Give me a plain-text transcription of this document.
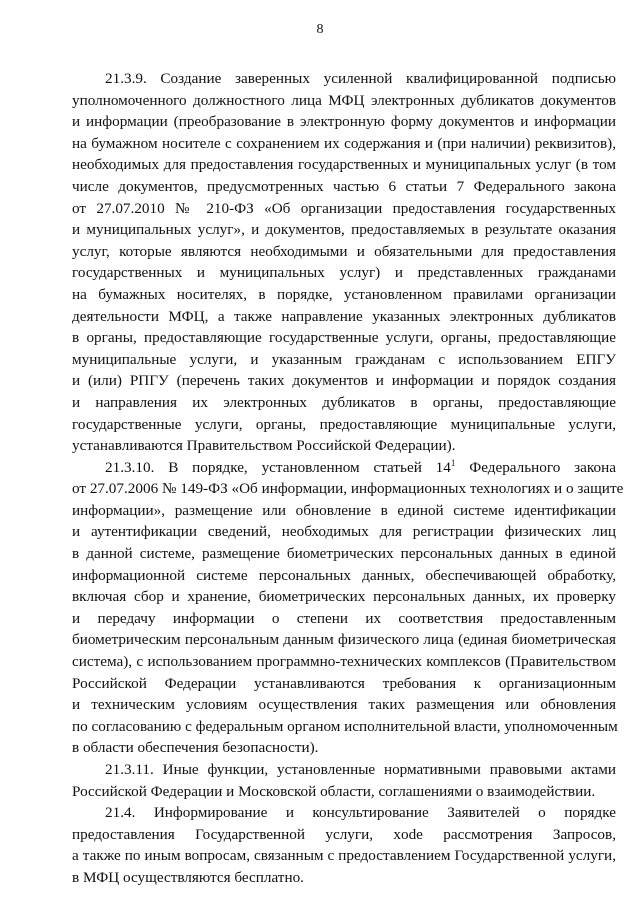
8

21.3.9. Создание заверенных усиленной квалифицированной подписью
уполномоченного должностного лица МФЦ электронных дубликатов документов
и информации (преобразование в электронную форму документов и информации
на бумажном носителе с сохранением их содержания и (при наличии) реквизитов),
необходимых для предоставления государственных и муниципальных услуг (в том
числе документов, предусмотренных частью 6 статьи 7 Федерального закона
от 27.07.2010 № 210-ФЗ «Об организации предоставления государственных
и муниципальных услуг», и документов, предоставляемых в результате оказания
услуг, которые являются необходимыми и обязательными для предоставления
государственных и муниципальных услуг) и представленных гражданами
на бумажных носителях, в порядке, установленном правилами организации
деятельности МФЦ, а также направление указанных электронных дубликатов
в органы, предоставляющие государственные услуги, органы, предоставляющие
муниципальные услуги, и указанным гражданам с использованием ЕПГУ
и (или) РПГУ (перечень таких документов и информации и порядок создания
и направления их электронных дубликатов в органы, предоставляющие
государственные услуги, органы, предоставляющие муниципальные услуги,
устанавливаются Правительством Российской Федерации).

21.3.10. В порядке, установленном статьей $14^1$ Федерального закона
от 27.07.2006 № 149-ФЗ «Об информации, информационных технологиях и о защите
информации», размещение или обновление в единой системе идентификации
и аутентификации сведений, необходимых для регистрации физических лиц
в данной системе, размещение биометрических персональных данных в единой
информационной системе персональных данных, обеспечивающей обработку,
включая сбор и хранение, биометрических персональных данных, их проверку
и передачу информации о степени их соответствия предоставленным
биометрическим персональным данным физического лица (единая биометрическая
система), с использованием программно-технических комплексов (Правительством
Российской Федерации устанавливаются требования к организационным
и техническим условиям осуществления таких размещения или обновления
по согласованию с федеральным органом исполнительной власти, уполномоченным
в области обеспечения безопасности).

21.3.11. Иные функции, установленные нормативными правовыми актами
Российской Федерации и Московской области, соглашениями о взаимодействии.

21.4. Информирование и консультирование Заявителей о порядке
предоставления Государственной услуги, хode рассмотрения Запросов,
а также по иным вопросам, связанным с предоставлением Государственной услуги,
в МФЦ осуществляются бесплатно.
